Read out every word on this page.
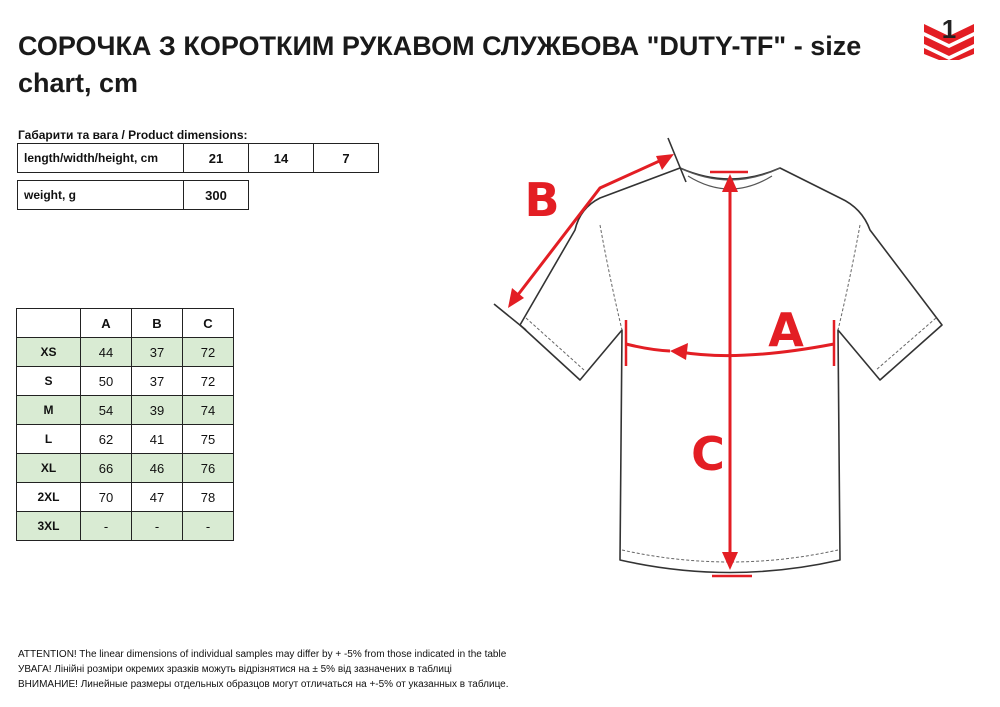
СОРОЧКА З КОРОТКИМ РУКАВОМ СЛУЖБОВА "DUTY-TF" - size chart, cm
1
Габарити та вага / Product dimensions:
length/width/height, cm	21	14	7
weight, g	300
	A	B	C
XS	44	37	72
S	50	37	72
M	54	39	74
L	62	41	75
XL	66	46	76
2XL	70	47	78
3XL	-	-	-
A
B
C
ATTENTION! The linear dimensions of individual samples may differ by + -5% from those indicated in the table
УВАГА! Лінійні розміри окремих зразків можуть відрізнятися на ± 5% від зазначених в таблиці
ВНИМАНИЕ! Линейные размеры отдельных образцов могут отличаться на +-5% от указанных в таблице.
